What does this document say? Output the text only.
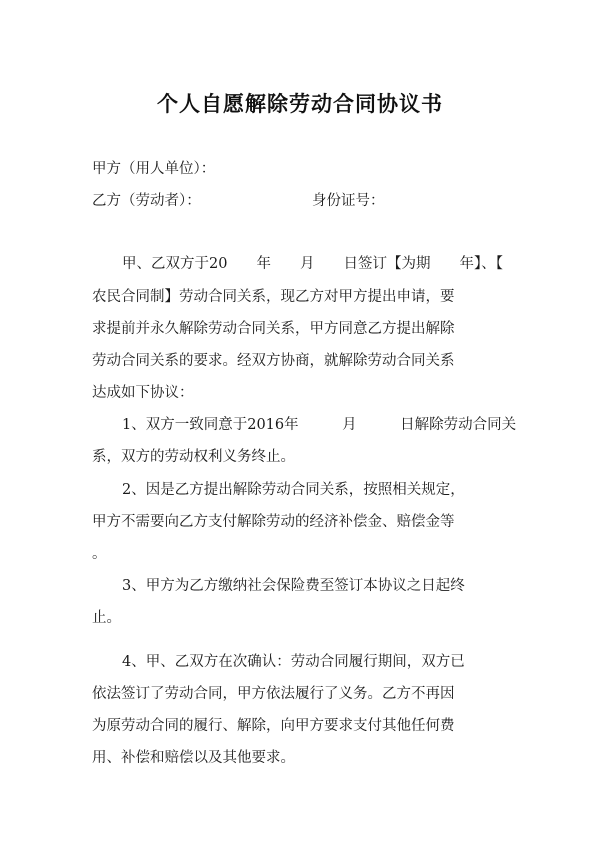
个人自愿解除劳动合同协议书
甲方（用人单位）：
乙方（劳动者）：	身份证号：
甲、乙双方于20　　年　　月　　日签订【为期　　年】、【
农民合同制】劳动合同关系，现乙方对甲方提出申请，要
求提前并永久解除劳动合同关系，甲方同意乙方提出解除
劳动合同关系的要求。经双方协商，就解除劳动合同关系
达成如下协议：
1、双方一致同意于2016年　　　月　　　日解除劳动合同关
系，双方的劳动权利义务终止。
2、因是乙方提出解除劳动合同关系，按照相关规定，
甲方不需要向乙方支付解除劳动的经济补偿金、赔偿金等
。
3、甲方为乙方缴纳社会保险费至签订本协议之日起终
止。
4、甲、乙双方在次确认：劳动合同履行期间，双方已
依法签订了劳动合同，甲方依法履行了义务。乙方不再因
为原劳动合同的履行、解除，向甲方要求支付其他任何费
用、补偿和赔偿以及其他要求。
